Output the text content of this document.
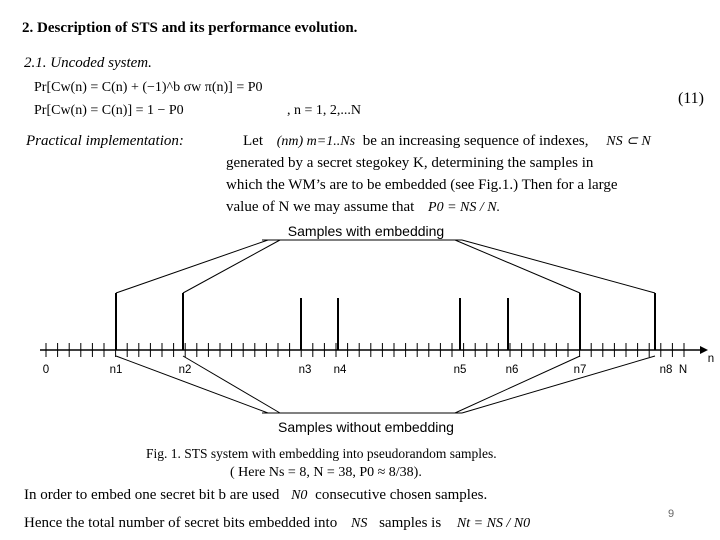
2. Description of STS and its performance evolution.
2.1. Uncoded system.
Pr[Cw(n) = C(n) + (−1)^b σw π(n)] = P0
Pr[Cw(n) = C(n)] = 1 − P0	, n = 1, 2,...N
(11)
Practical implementation:	Let (nm) m=1..Ns be an increasing sequence of indexes, NS ⊂ N
generated by a secret stegokey K, determining the samples in
which the WM’s are to be embedded (see Fig.1.) Then for a large
value of N we may assume that P0 = NS / N.
Samples with embedding
0	n1	n2	n3 n4	n5	n6	n7	n8 N
n
Samples without embedding
Fig. 1. STS system with embedding into pseudorandom samples.
( Here Ns = 8, N = 38, P0 ≈ 8/38).
In order to embed one secret bit b are used N0 consecutive chosen samples.
Hence the total number of secret bits embedded into NS samples is Nt = NS / N0
9
